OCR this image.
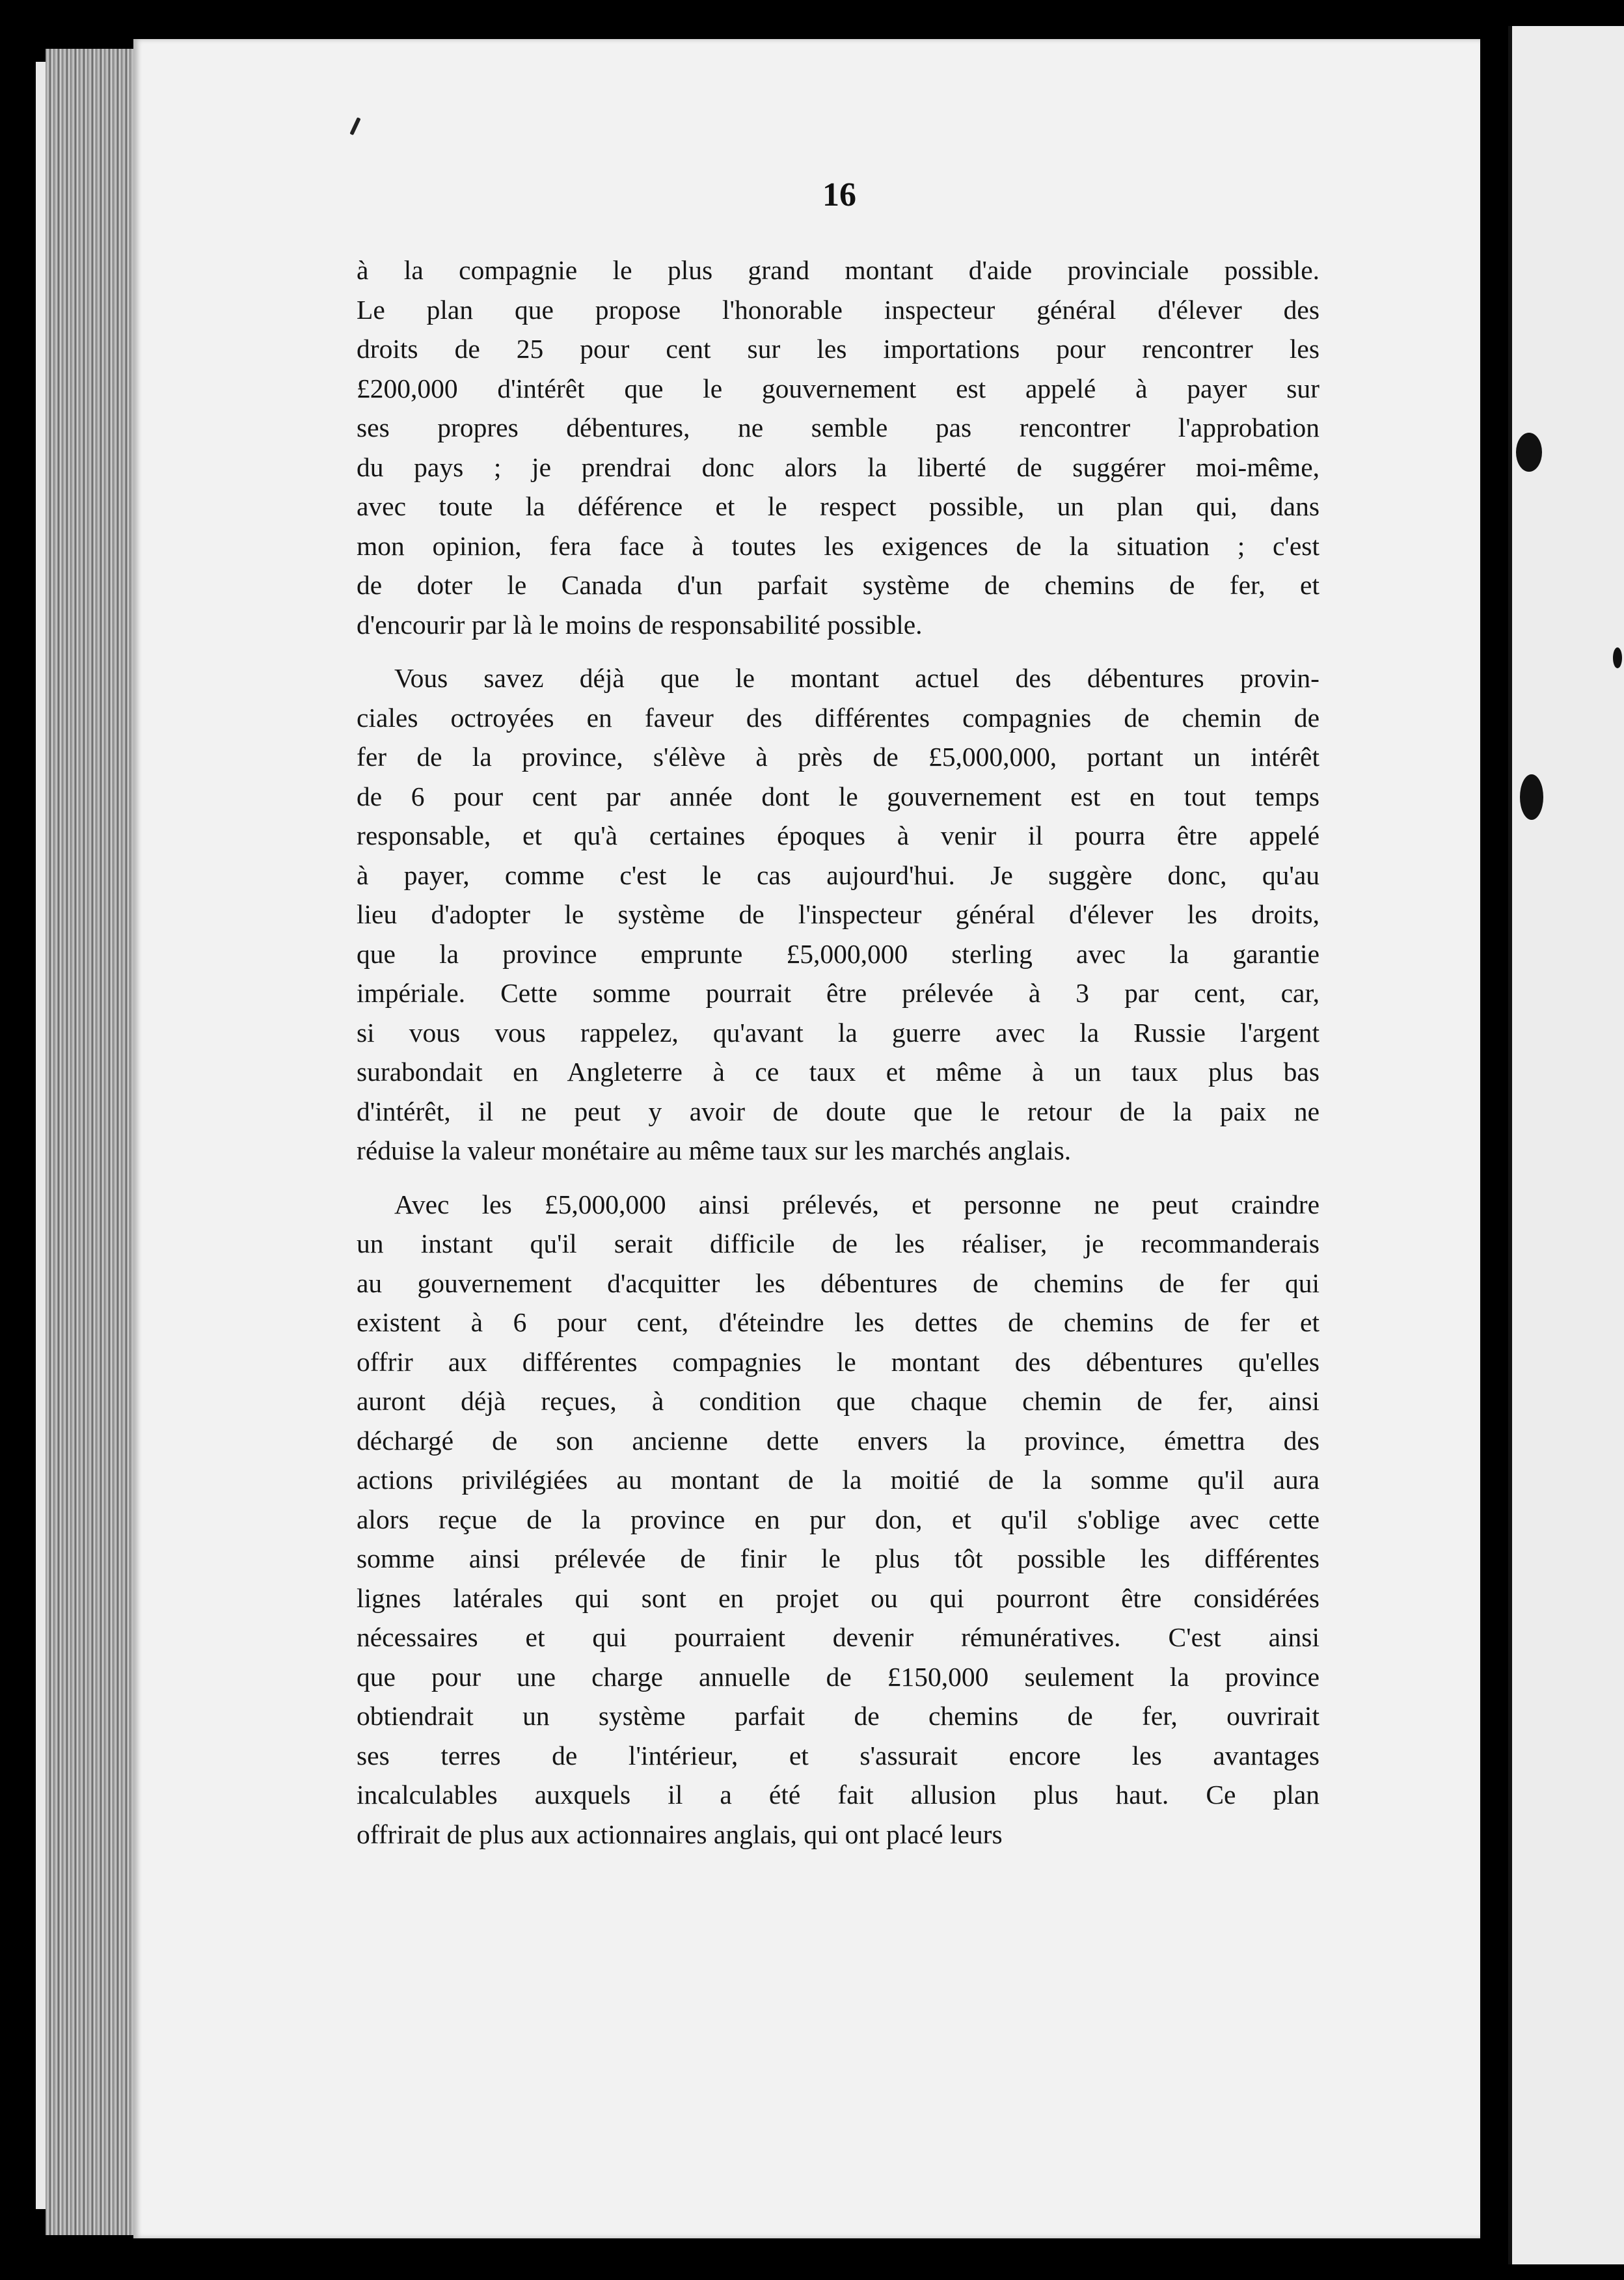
16
à la compagnie le plus grand montant d'aide provinciale possible.
Le plan que propose l'honorable inspecteur général d'élever des
droits de 25 pour cent sur les importations pour rencontrer les
£200,000 d'intérêt que le gouvernement est appelé à payer sur
ses propres débentures, ne semble pas rencontrer l'approbation
du pays ; je prendrai donc alors la liberté de suggérer moi-même,
avec toute la déférence et le respect possible, un plan qui, dans
mon opinion, fera face à toutes les exigences de la situation ; c'est
de doter le Canada d'un parfait système de chemins de fer, et
d'encourir par là le moins de responsabilité possible.
Vous savez déjà que le montant actuel des débentures provin-
ciales octroyées en faveur des différentes compagnies de chemin de
fer de la province, s'élève à près de £5,000,000, portant un intérêt
de 6 pour cent par année dont le gouvernement est en tout temps
responsable, et qu'à certaines époques à venir il pourra être appelé
à payer, comme c'est le cas aujourd'hui. Je suggère donc, qu'au
lieu d'adopter le système de l'inspecteur général d'élever les droits,
que la province emprunte £5,000,000 sterling avec la garantie
impériale. Cette somme pourrait être prélevée à 3 par cent, car,
si vous vous rappelez, qu'avant la guerre avec la Russie l'argent
surabondait en Angleterre à ce taux et même à un taux plus bas
d'intérêt, il ne peut y avoir de doute que le retour de la paix ne
réduise la valeur monétaire au même taux sur les marchés anglais.
Avec les £5,000,000 ainsi prélevés, et personne ne peut craindre
un instant qu'il serait difficile de les réaliser, je recommanderais
au gouvernement d'acquitter les débentures de chemins de fer qui
existent à 6 pour cent, d'éteindre les dettes de chemins de fer et
offrir aux différentes compagnies le montant des débentures qu'elles
auront déjà reçues, à condition que chaque chemin de fer, ainsi
déchargé de son ancienne dette envers la province, émettra des
actions privilégiées au montant de la moitié de la somme qu'il aura
alors reçue de la province en pur don, et qu'il s'oblige avec cette
somme ainsi prélevée de finir le plus tôt possible les différentes
lignes latérales qui sont en projet ou qui pourront être considérées
nécessaires et qui pourraient devenir rémunératives. C'est ainsi
que pour une charge annuelle de £150,000 seulement la province
obtiendrait un système parfait de chemins de fer, ouvrirait
ses terres de l'intérieur, et s'assurait encore les avantages
incalculables auxquels il a été fait allusion plus haut. Ce plan
offrirait de plus aux actionnaires anglais, qui ont placé leurs
